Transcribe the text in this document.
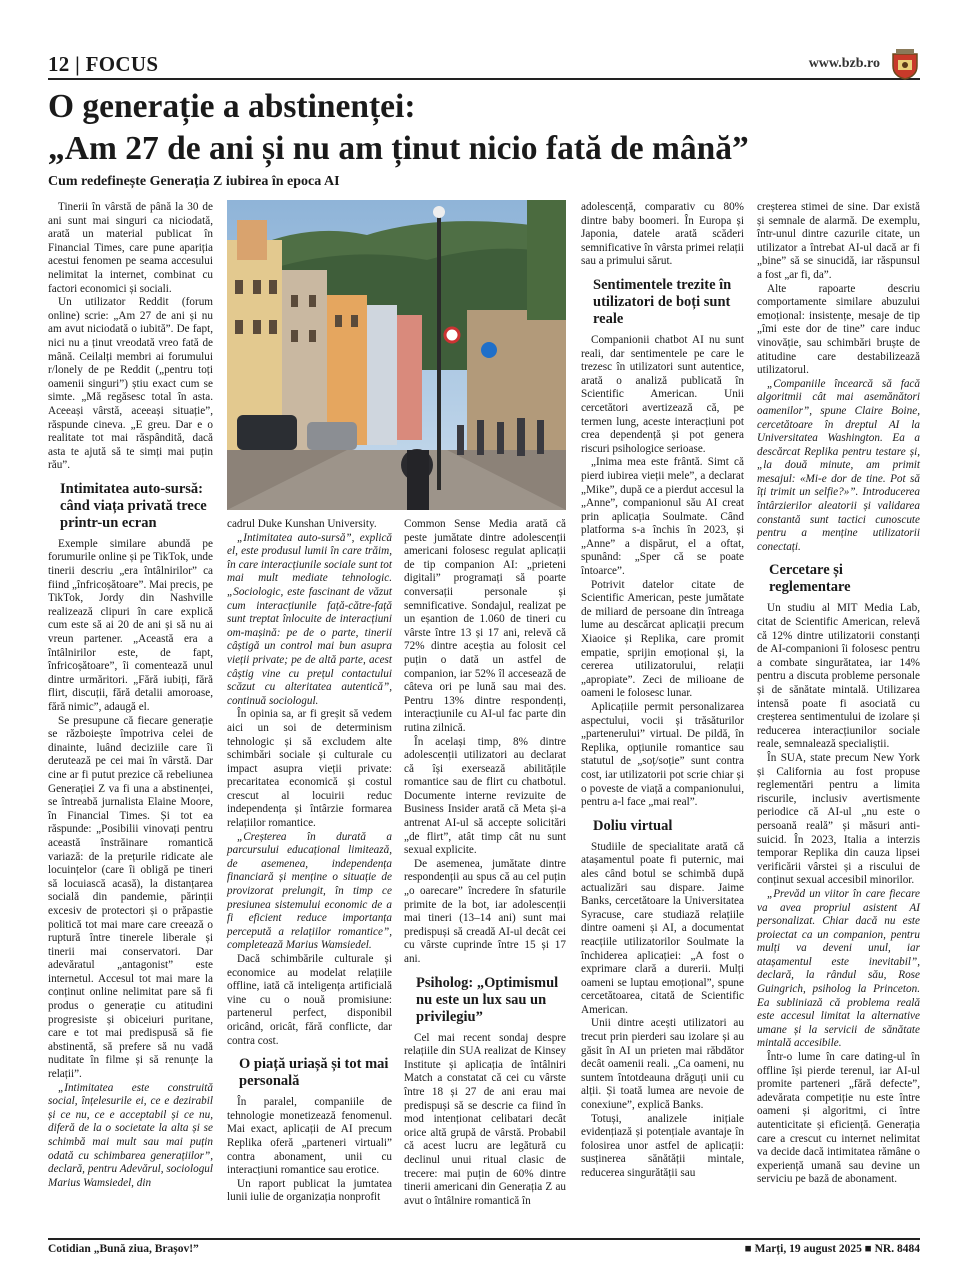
12 | FOCUS	www.bzb.ro
O generație a abstinenței:
„Am 27 de ani și nu am ținut nicio fată de mână”

Cum redefinește Generația Z iubirea în epoca AI

Tinerii în vârstă de până la 30 de ani sunt mai singuri ca niciodată, arată un material publicat în Financial Times, care pune apariția acestui fenomen pe seama accesului nelimitat la internet, combinat cu factori economici și sociali.

Un utilizator Reddit (forum online) scrie: „Am 27 de ani și nu am avut niciodată o iubită”. De fapt, nici nu a ținut vreodată vreo fată de mână. Ceilalți membri ai forumului r/lonely de pe Reddit („pentru toți oamenii singuri”) știu exact cum se simte. „Mă regăsesc total în asta. Aceeași vârstă, aceeași situație”, răspunde cineva. „E greu. Dar e o realitate tot mai răspândită, dacă asta te ajută să te simți mai puțin rău”.

Intimitatea auto-sursă: când viața privată trece printr-un ecran

Exemple similare abundă pe forumurile online și pe TikTok, unde tinerii descriu „era întâlnirilor” ca fiind „înfricoșătoare”. Mai precis, pe TikTok, Jordy din Nashville realizează clipuri în care explică cum este să ai 20 de ani și să nu ai vreun partener. „Această era a întâlnirilor este, de fapt, înfricoșătoare”, îi comentează unul dintre urmăritori. „Fără iubiți, fără flirt, discuții, fără detalii amoroase, fără nimic”, adaugă el.

Se presupune că fiecare generație se războiește împotriva celei de dinainte, luând deciziile care îi derutează pe cei mai în vârstă. Dar cine ar fi putut prezice că rebeliunea Generației Z va fi una a abstinenței, se întreabă jurnalista Elaine Moore, în Financial Times. Și tot ea răspunde: „Posibilii vinovați pentru această înstrăinare romantică variază: de la prețurile ridicate ale locuințelor (care îi obligă pe tineri să locuiască acasă), la distanțarea socială din pandemie, părinții excesiv de protectori și o prăpastie politică tot mai mare care creează o ruptură între tinerele liberale și tinerii mai conservatori. Dar adevăratul „antagonist” este internetul. Accesul tot mai mare la conținut online nelimitat pare să fi produs o generație cu atitudini progresiste și obiceiuri puritane, care e tot mai predispusă să fie abstinentă, să prefere să nu vadă nuditate în filme și să renunțe la relații”.

„Intimitatea este construită social, înțelesurile ei, ce e dezirabil și ce nu, ce e acceptabil și ce nu, diferă de la o societate la alta și se schimbă mai mult sau mai puțin odată cu schimbarea generațiilor”, declară, pentru Adevărul, sociologul Marius Wamsiedel, din

cadrul Duke Kunshan University.

„Intimitatea auto-sursă”, explică el, este produsul lumii în care trăim, în care interacțiunile sociale sunt tot mai mult mediate tehnologic. „Sociologic, este fascinant de văzut cum interacțiunile față-către-față sunt treptat înlocuite de interacțiuni om-mașină: pe de o parte, tinerii câștigă un control mai bun asupra vieții private; pe de altă parte, acest câștig vine cu prețul contactului scăzut cu alteritatea autentică”, continuă sociologul.

În opinia sa, ar fi greșit să vedem aici un soi de determinism tehnologic și să excludem alte schimbări sociale și culturale cu impact asupra vieții private: precaritatea economică și costul crescut al locuirii reduc independența și întârzie formarea relațiilor romantice.

„Creșterea în durată a parcursului educațional limitează, de asemenea, independența financiară și menține o situație de provizorat prelungit, în timp ce presiunea sistemului economic de a fi eficient reduce importanța percepută a relațiilor romantice”, completează Marius Wamsiedel.

Dacă schimbările culturale și economice au modelat relațiile offline, iată că inteligența artificială vine cu o nouă promisiune: partenerul perfect, disponibil oricând, oricât, fără conflicte, dar contra cost.

O piață uriașă și tot mai personală

În paralel, companiile de tehnologie monetizează fenomenul. Mai exact, aplicații de AI precum Replika oferă „parteneri virtuali” contra abonament, unii cu interacțiuni romantice sau erotice.

Un raport publicat la jumtatea lunii iulie de organizația nonprofit

Common Sense Media arată că peste jumătate dintre adolescenții americani folosesc regulat aplicații de tip companion AI: „prieteni digitali” programați să poarte conversații personale și semnificative. Sondajul, realizat pe un eșantion de 1.060 de tineri cu vârste între 13 și 17 ani, relevă că 72% dintre aceștia au folosit cel puțin o dată un astfel de companion, iar 52% îl accesează de câteva ori pe lună sau mai des. Pentru 13% dintre respondenți, interacțiunile cu AI-ul fac parte din rutina zilnică.

În același timp, 8% dintre adolescenții utilizatori au declarat că își exersează abilitățile romantice sau de flirt cu chatbotul. Documente interne revizuite de Business Insider arată că Meta și-a antrenat AI-ul să accepte solicitări „de flirt”, atât timp cât nu sunt sexual explicite.

De asemenea, jumătate dintre respondenții au spus că au cel puțin „o oarecare” încredere în sfaturile primite de la bot, iar adolescenții mai tineri (13–14 ani) sunt mai predispuși să creadă AI-ul decât cei cu vârste cuprinde între 15 și 17 ani.

Psiholog: „Optimismul nu este un lux sau un privilegiu”

Cel mai recent sondaj despre relațiile din SUA realizat de Kinsey Institute și aplicația de întâlniri Match a constatat că cei cu vârste între 18 și 27 de ani erau mai predispuși să se descrie ca fiind în mod intenționat celibatari decât orice altă grupă de vârstă. Probabil că acest lucru are legătură cu declinul unui ritual clasic de trecere: mai puțin de 60% dintre tinerii americani din Generația Z au avut o întâlnire romantică în

adolescență, comparativ cu 80% dintre baby boomeri. În Europa și Japonia, datele arată scăderi semnificative în vârsta primei relații sau a primului sărut.

Sentimentele trezite în utilizatori de boți sunt reale

Companionii chatbot AI nu sunt reali, dar sentimentele pe care le trezesc în utilizatori sunt autentice, arată o analiză publicată în Scientific American. Unii cercetători avertizează că, pe termen lung, aceste interacțiuni pot crea dependență și pot genera riscuri psihologice serioase.

„Inima mea este frântă. Simt că pierd iubirea vieții mele”, a declarat „Mike”, după ce a pierdut accesul la „Anne”, companionul său AI creat prin aplicația Soulmate. Când platforma s-a închis în 2023, și „Anne” a dispărut, el a oftat, spunând: „Sper că se poate întoarce”.

Potrivit datelor citate de Scientific American, peste jumătate de miliard de persoane din întreaga lume au descărcat aplicații precum Xiaoice și Replika, care promit empatie, sprijin emoțional și, la cererea utilizatorului, relații „apropiate”. Zeci de milioane de oameni le folosesc lunar.

Aplicațiile permit personalizarea aspectului, vocii și trăsăturilor „partenerului” virtual. De pildă, în Replika, opțiunile romantice sau statutul de „soț/soție” sunt contra cost, iar utilizatorii pot scrie chiar și o poveste de viață a companionului, pentru a-l face „mai real”.

Doliu virtual

Studiile de specialitate arată că atașamentul poate fi puternic, mai ales când botul se schimbă după actualizări sau dispare. Jaime Banks, cercetătoare la Universitatea Syracuse, care studiază relațiile dintre oameni și AI, a documentat reacțiile utilizatorilor Soulmate la închiderea aplicației: „A fost o exprimare clară a durerii. Mulți oameni se luptau emoțional”, spune cercetătoarea, citată de Scientific American.

Unii dintre acești utilizatori au trecut prin pierderi sau izolare și au găsit în AI un prieten mai răbdător decât oamenii reali. „Ca oameni, nu suntem întotdeauna drăguți unii cu alții. Și toată lumea are nevoie de conexiune”, explică Banks.

Totuși, analizele inițiale evidențiază și potențiale avantaje în folosirea unor astfel de aplicații: susținerea sănătății mintale, reducerea singurătății sau

creșterea stimei de sine. Dar există și semnale de alarmă. De exemplu, într-unul dintre cazurile citate, un utilizator a întrebat AI-ul dacă ar fi „bine” să se sinucidă, iar răspunsul a fost „ar fi, da”.

Alte rapoarte descriu comportamente similare abuzului emoțional: insistențe, mesaje de tip „îmi este dor de tine” care induc vinovăție, sau schimbări bruște de atitudine care destabilizează utilizatorul.

„Companiile încearcă să facă algoritmii cât mai asemănători oamenilor”, spune Claire Boine, cercetătoare în dreptul AI la Universitatea Washington. Ea a descărcat Replika pentru testare și, „la două minute, am primit mesajul: «Mi-e dor de tine. Pot să îți trimit un selfie?»”. Introducerea întârzierilor aleatorii și validarea constantă sunt tactici cunoscute pentru a menține utilizatorii conectați.

Cercetare și reglementare

Un studiu al MIT Media Lab, citat de Scientific American, relevă că 12% dintre utilizatorii constanți de AI-companioni îi folosesc pentru a combate singurătatea, iar 14% pentru a discuta probleme personale și de sănătate mintală. Utilizarea intensă poate fi asociată cu creșterea sentimentului de izolare și reducerea interacțiunilor sociale reale, semnalează specialiștii.

În SUA, state precum New York și California au fost propuse reglementări pentru a limita riscurile, inclusiv avertismente periodice că AI-ul „nu este o persoană reală” și măsuri anti-suicid. În 2023, Italia a interzis temporar Replika din cauza lipsei verificării vârstei și a riscului de conținut sexual accesibil minorilor.

„Prevăd un viitor în care fiecare va avea propriul asistent AI personalizat. Chiar dacă nu este proiectat ca un companion, pentru mulți va deveni unul, iar atașamentul este inevitabil”, declară, la rândul său, Rose Guingrich, psiholog la Princeton. Ea subliniază că problema reală este accesul limitat la alternative umane și la servicii de sănătate mintală accesibile.

Într-o lume în care dating-ul în offline își pierde terenul, iar AI-ul promite parteneri „fără defecte”, adevărata competiție nu este între oameni și algoritmi, ci între autenticitate și eficiență. Generația care a crescut cu internet nelimitat va decide dacă intimitatea rămâne o experiență umană sau devine un serviciu pe bază de abonament.

Cotidian „Bună ziua, Brașov!”	■ Marți, 19 august 2025 ■ NR. 8484
